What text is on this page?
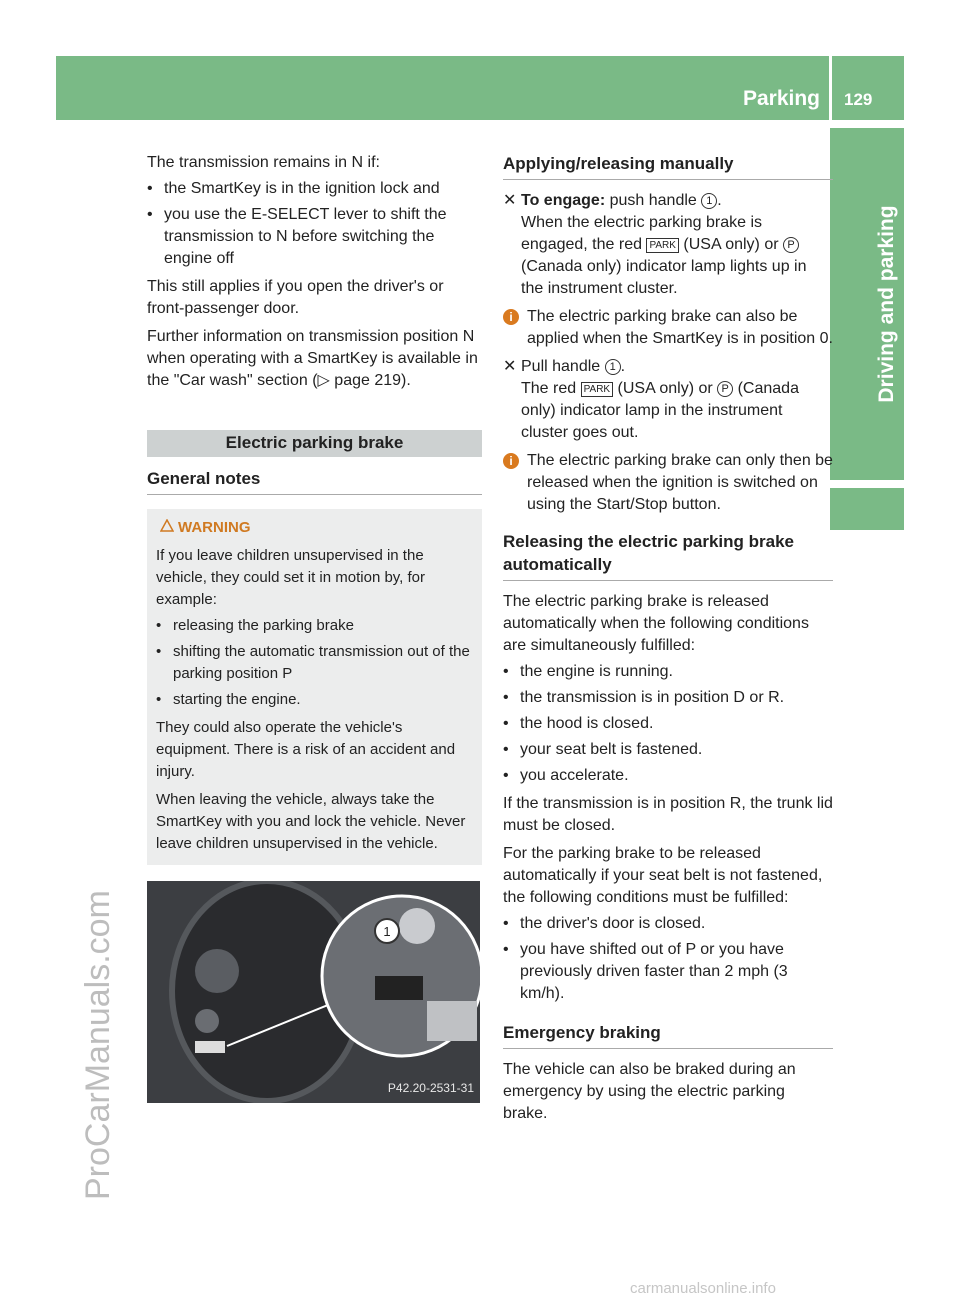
Parking 129
Driving and parking
ProCarManuals.com
carmanualsonline.info

The transmission remains in N if:

• the SmartKey is in the ignition lock and
• you use the E-SELECT lever to shift the transmission to N before switching the engine off

This still applies if you open the driver's or front-passenger door.

Further information on transmission position N when operating with a SmartKey is available in the "Car wash" section (▷ page 219).

Electric parking brake
General notes
WARNING

If you leave children unsupervised in the vehicle, they could set it in motion by, for example:

• releasing the parking brake
• shifting the automatic transmission out of the parking position P
• starting the engine.

They could also operate the vehicle's equipment. There is a risk of an accident and injury.

When leaving the vehicle, always take the SmartKey with you and lock the vehicle. Never leave children unsupervised in the vehicle.

1
P42.20-2531-31
Applying/releasing manually
✕ To engage: push handle 1 .
When the electric parking brake is engaged, the red PARK (USA only) or P (Canada only) indicator lamp lights up in the instrument cluster.
i The electric parking brake can also be applied when the SmartKey is in position 0.
✕ Pull handle 1 .
The red PARK (USA only) or P (Canada only) indicator lamp in the instrument cluster goes out.
i The electric parking brake can only then be released when the ignition is switched on using the Start/Stop button.
Releasing the electric parking brake automatically

The electric parking brake is released automatically when the following conditions are simultaneously fulfilled:

• the engine is running.
• the transmission is in position D or R.
• the hood is closed.
• your seat belt is fastened.
• you accelerate.

If the transmission is in position R, the trunk lid must be closed.

For the parking brake to be released automatically if your seat belt is not fastened, the following conditions must be fulfilled:

• the driver's door is closed.
• you have shifted out of P or you have previously driven faster than 2 mph (3 km/h).
Emergency braking

The vehicle can also be braked during an emergency by using the electric parking brake.
